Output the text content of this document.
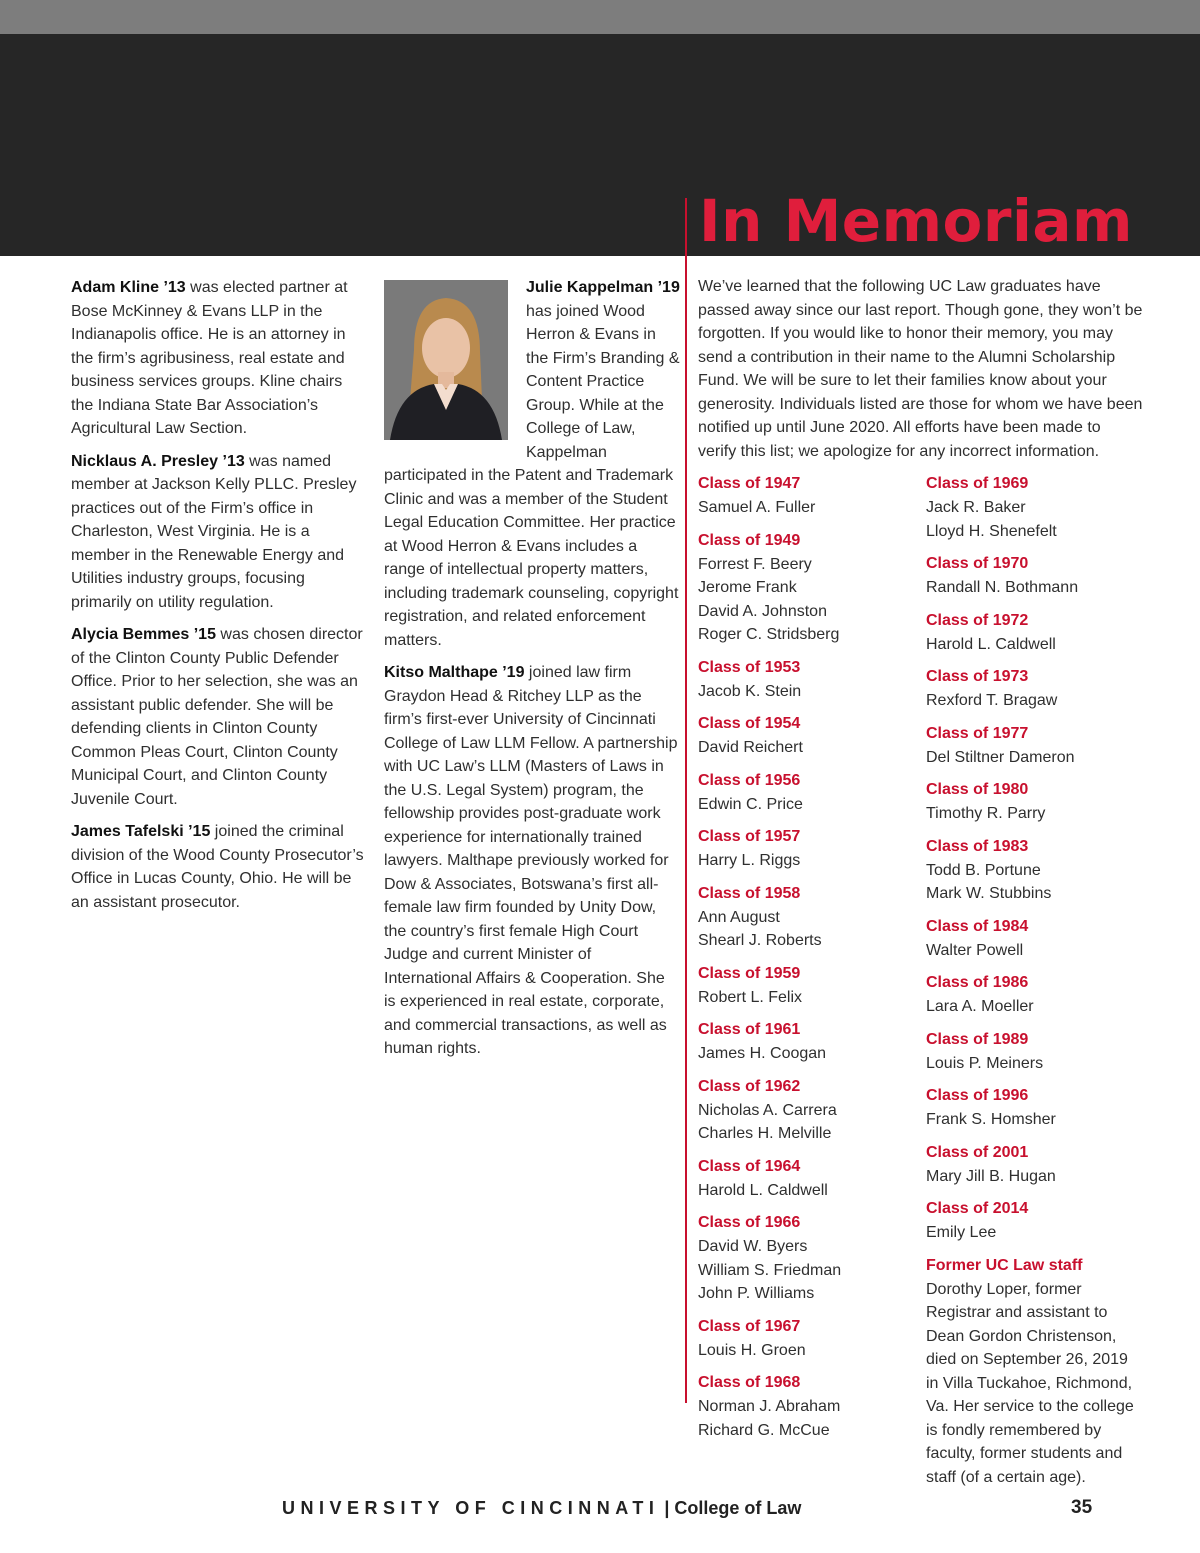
In Memoriam

Adam Kline ’13 was elected partner at Bose McKinney & Evans LLP in the Indianapolis office. He is an attorney in the firm’s agribusiness, real estate and business services groups. Kline chairs the Indiana State Bar Association’s Agricultural Law Section.

Nicklaus A. Presley ’13 was named member at Jackson Kelly PLLC. Presley practices out of the Firm’s office in Charleston, West Virginia. He is a member in the Renewable Energy and Utilities industry groups, focusing primarily on utility regulation.

Alycia Bemmes ’15 was chosen director of the Clinton County Public Defender Office. Prior to her selection, she was an assistant public defender. She will be defending clients in Clinton County Common Pleas Court, Clinton County Municipal Court, and Clinton County Juvenile Court.

James Tafelski ’15 joined the criminal division of the Wood County Prosecutor’s Office in Lucas County, Ohio. He will be an assistant prosecutor.

Julie Kappelman ’19 has joined Wood Herron & Evans in the Firm’s Branding & Content Practice Group. While at the College of Law, Kappelman participated in the Patent and Trademark Clinic and was a member of the Student Legal Education Committee. Her practice at Wood Herron & Evans includes a range of intellectual property matters, including trademark counseling, copyright registration, and related enforcement matters.

Kitso Malthape ’19 joined law firm Graydon Head & Ritchey LLP as the firm’s first-ever University of Cincinnati College of Law LLM Fellow. A partnership with UC Law’s LLM (Masters of Laws in the U.S. Legal System) program, the fellowship provides post-graduate work experience for internationally trained lawyers. Malthape previously worked for Dow & Associates, Botswana’s first all-female law firm founded by Unity Dow, the country’s first female High Court Judge and current Minister of International Affairs & Cooperation. She is experienced in real estate, corporate, and commercial transactions, as well as human rights.

We’ve learned that the following UC Law graduates have passed away since our last report. Though gone, they won’t be forgotten. If you would like to honor their memory, you may send a contribution in their name to the Alumni Scholarship Fund. We will be sure to let their families know about your generosity. Individuals listed are those for whom we have been notified up until June 2020. All efforts have been made to verify this list; we apologize for any incorrect information.

Class of 1947
Samuel A. Fuller
Class of 1949
Forrest F. Beery
Jerome Frank
David A. Johnston
Roger C. Stridsberg
Class of 1953
Jacob K. Stein
Class of 1954
David Reichert
Class of 1956
Edwin C. Price
Class of 1957
Harry L. Riggs
Class of 1958
Ann August
Shearl J. Roberts
Class of 1959
Robert L. Felix
Class of 1961
James H. Coogan
Class of 1962
Nicholas A. Carrera
Charles H. Melville
Class of 1964
Harold L. Caldwell
Class of 1966
David W. Byers
William S. Friedman
John P. Williams
Class of 1967
Louis H. Groen
Class of 1968
Norman J. Abraham
Richard G. McCue
Class of 1969
Jack R. Baker
Lloyd H. Shenefelt
Class of 1970
Randall N. Bothmann
Class of 1972
Harold L. Caldwell
Class of 1973
Rexford T. Bragaw
Class of 1977
Del Stiltner Dameron
Class of 1980
Timothy R. Parry
Class of 1983
Todd B. Portune
Mark W. Stubbins
Class of 1984
Walter Powell
Class of 1986
Lara A. Moeller
Class of 1989
Louis P. Meiners
Class of 1996
Frank S. Homsher
Class of 2001
Mary Jill B. Hugan
Class of 2014
Emily Lee
Former UC Law staff
Dorothy Loper, former Registrar and assistant to Dean Gordon Christenson, died on September 26, 2019 in Villa Tuckahoe, Richmond, Va. Her service to the college is fondly remembered by faculty, former students and staff (of a certain age).
UNIVERSITY OF CINCINNATI | College of Law	35
